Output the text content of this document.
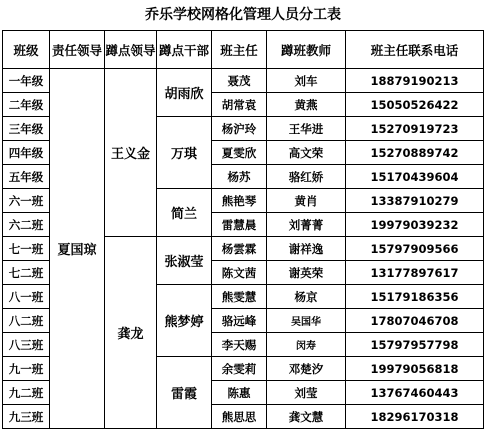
乔乐学校网格化管理人员分工表
班级	责任领导	蹲点领导	蹲点干部	班主任	蹲班教师	班主任联系电话
一年级	夏国琼	王义金	胡雨欣	聂茂	刘车	18879190213
二年级				胡常袁	黄燕	15050526422
三年级			万琪	杨沪玲	王华进	15270919723
四年级				夏雯欣	高文荣	15270889742
五年级				杨苏	骆红娇	15170439604
六一班			简兰	熊艳琴	黄肖	13387910279
六二班				雷慧晨	刘菁菁	19979039232
七一班		龚龙	张淑莹	杨雲霖	谢祥逸	15797909566
七二班				陈文茜	谢英荣	13177897617
八一班			熊梦婷	熊雯慧	杨京	15179186356
八二班				骆远峰	吴国华	17807046708
八三班				李天赐	闵寿	15797957798
九一班			雷霞	余雯莉	邓楚汐	19979056818
九二班				陈惠	刘莹	13767460443
九三班				熊思思	龚文慧	18296170318
